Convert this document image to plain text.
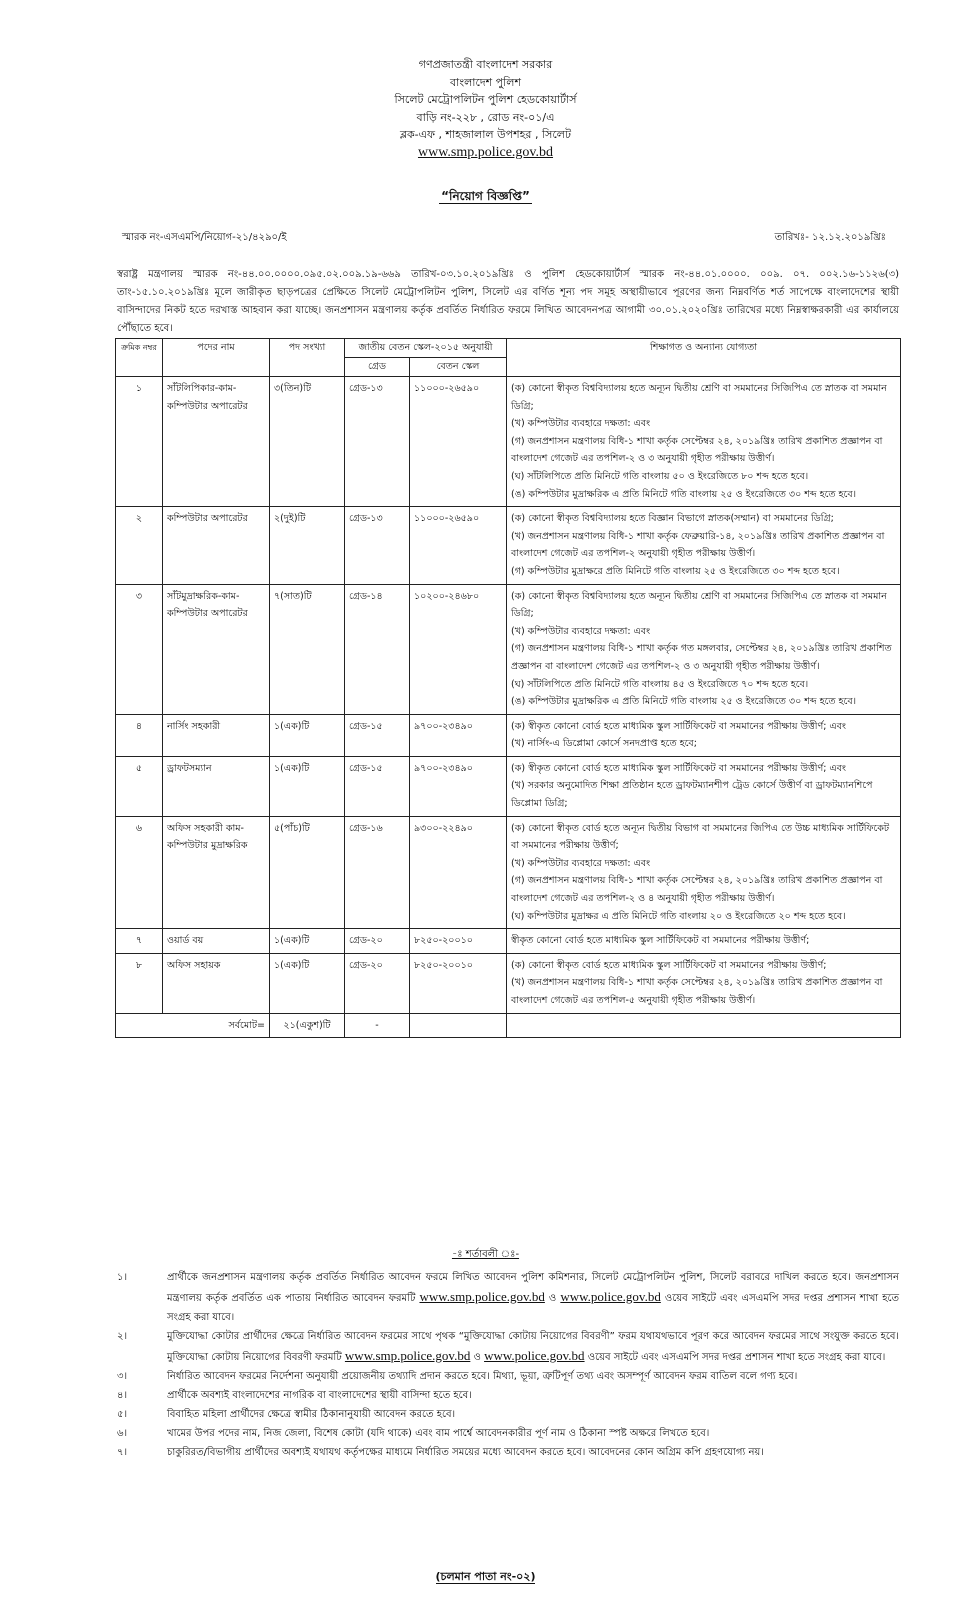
গণপ্রজাতন্ত্রী বাংলাদেশ সরকার
বাংলাদেশ পুলিশ
সিলেট মেট্রোপলিটন পুলিশ হেডকোয়ার্টার্স
বাড়ি নং-২২৮ , রোড নং-০১/এ
ব্লক-এফ , শাহজালাল উপশহর , সিলেট
www.smp.police.gov.bd
“নিয়োগ বিজ্ঞপ্তি”
স্মারক নং-এসএমপি/নিয়োগ-২১/৪২৯০/ই	তারিখঃ- ১২.১২.২০১৯খ্রিঃ
স্বরাষ্ট্র মন্ত্রণালয় স্মারক নং-৪৪.০০.০০০০.০৯৫.০২.০০৯.১৯-৬৬৯ তারিখ-০৩.১০.২০১৯খ্রিঃ ও পুলিশ হেডকোয়ার্টার্স স্মারক নং-৪৪.০১.০০০০. ০০৯. ০৭. ০০২.১৬-১১২৬(৩) তাং-১৫.১০.২০১৯খ্রিঃ মূলে জারীকৃত ছাড়পত্রের প্রেক্ষিতে সিলেট মেট্রোপলিটন পুলিশ, সিলেট এর বর্ণিত শূন্য পদ সমূহ অস্থায়ীভাবে পূরণের জন্য নিম্নবর্ণিত শর্ত সাপেক্ষে বাংলাদেশের স্থায়ী বাসিন্দাদের নিকট হতে দরখাস্ত আহবান করা যাচ্ছে। জনপ্রশাসন মন্ত্রণালয় কর্তৃক প্রবর্তিত নির্ধারিত ফরমে লিখিত আবেদনপত্র আগামী ৩০.০১.২০২০খ্রিঃ তারিখের মধ্যে নিম্নস্বাক্ষরকারী এর কার্যালয়ে পৌঁছাতে হবে।
ক্রমিক নম্বর	পদের নাম	পদ সংখ্যা	জাতীয় বেতন স্কেল-২০১৫ অনুযায়ী		শিক্ষাগত ও অন্যান্য যোগ্যতা
			গ্রেড	বেতন স্কেল	
১	সাঁটলিপিকার-কাম-কম্পিউটার অপারেটর	৩(তিন)টি	গ্রেড-১৩	১১০০০-২৬৫৯০	(ক) কোনো স্বীকৃত বিশ্ববিদ্যালয় হতে অন্যূন দ্বিতীয় শ্রেণি বা সমমানের সিজিপিএ তে স্নাতক বা সমমান ডিগ্রি;
(খ) কম্পিউটার ব্যবহারে দক্ষতা: এবং
(গ) জনপ্রশাসন মন্ত্রণালয় বিধি-১ শাখা কর্তৃক সেপ্টেম্বর ২৪, ২০১৯খ্রিঃ তারিখ প্রকাশিত প্রজ্ঞাপন বা বাংলাদেশ গেজেট এর তপশিল-২ ও ৩ অনুযায়ী গৃহীত পরীক্ষায় উত্তীর্ণ।
(ঘ) সাঁটলিপিতে প্রতি মিনিটে গতি বাংলায় ৫০ ও ইংরেজিতে ৮০ শব্দ হতে হবে।
(ঙ) কম্পিউটার মুদ্রাক্ষরিক এ প্রতি মিনিটে গতি বাংলায় ২৫ ও ইংরেজিতে ৩০ শব্দ হতে হবে।

২	কম্পিউটার অপারেটর	২(দুই)টি	গ্রেড-১৩	১১০০০-২৬৫৯০	(ক) কোনো স্বীকৃত বিশ্ববিদ্যালয় হতে বিজ্ঞান বিভাগে স্নাতক(সম্মান) বা সমমানের ডিগ্রি;
(খ) জনপ্রশাসন মন্ত্রণালয় বিধি-১ শাখা কর্তৃক ফেব্রুয়ারি-১৪, ২০১৯খ্রিঃ তারিখ প্রকাশিত প্রজ্ঞাপন বা বাংলাদেশ গেজেট এর তপশিল-২ অনুযায়ী গৃহীত পরীক্ষায় উত্তীর্ণ।
(গ) কম্পিউটার মুদ্রাক্ষরে প্রতি মিনিটে গতি বাংলায় ২৫ ও ইংরেজিতে ৩০ শব্দ হতে হবে।

৩	সাঁটমুদ্রাক্ষরিক-কাম-কম্পিউটার অপারেটর	৭(সাত)টি	গ্রেড-১৪	১০২০০-২৪৬৮০	(ক) কোনো স্বীকৃত বিশ্ববিদ্যালয় হতে অন্যূন দ্বিতীয় শ্রেণি বা সমমানের সিজিপিএ তে স্নাতক বা সমমান ডিগ্রি;
(খ) কম্পিউটার ব্যবহারে দক্ষতা: এবং
(গ) জনপ্রশাসন মন্ত্রণালয় বিধি-১ শাখা কর্তৃক গত মঙ্গলবার, সেপ্টেম্বর ২৪, ২০১৯খ্রিঃ তারিখ প্রকাশিত প্রজ্ঞাপন বা বাংলাদেশ গেজেট এর তপশিল-২ ও ৩ অনুযায়ী গৃহীত পরীক্ষায় উত্তীর্ণ।
(ঘ) সাঁটলিপিতে প্রতি মিনিটে গতি বাংলায় ৪৫ ও ইংরেজিতে ৭০ শব্দ হতে হবে।
(ঙ) কম্পিউটার মুদ্রাক্ষরিক এ প্রতি মিনিটে গতি বাংলায় ২৫ ও ইংরেজিতে ৩০ শব্দ হতে হবে।

৪	নার্সিং সহকারী	১(এক)টি	গ্রেড-১৫	৯৭০০-২৩৪৯০	(ক) স্বীকৃত কোনো বোর্ড হতে মাধ্যমিক স্কুল সার্টিফিকেট বা সমমানের পরীক্ষায় উত্তীর্ণ; এবং
(খ) নার্সিং-এ ডিপ্লোমা কোর্সে সনদপ্রাপ্ত হতে হবে;

৫	ড্রাফটসম্যান	১(এক)টি	গ্রেড-১৫	৯৭০০-২৩৪৯০	(ক) স্বীকৃত কোনো বোর্ড হতে মাধ্যমিক স্কুল সার্টিফিকেট বা সমমানের পরীক্ষায় উত্তীর্ণ; এবং
(খ) সরকার অনুমোদিত শিক্ষা প্রতিষ্ঠান হতে ড্রাফটম্যানশীপ ট্রেড কোর্সে উত্তীর্ণ বা ড্রাফটম্যানশিপে ডিপ্লোমা ডিগ্রি;

৬	অফিস সহকারী কাম-কম্পিউটার মুদ্রাক্ষরিক	৫(পাঁচ)টি	গ্রেড-১৬	৯৩০০-২২৪৯০	(ক) কোনো স্বীকৃত বোর্ড হতে অন্যূন দ্বিতীয় বিভাগ বা সমমানের জিপিএ তে উচ্চ মাধ্যমিক সার্টিফিকেট বা সমমানের পরীক্ষায় উত্তীর্ণ;
(খ) কম্পিউটার ব্যবহারে দক্ষতা: এবং
(গ) জনপ্রশাসন মন্ত্রণালয় বিধি-১ শাখা কর্তৃক সেপ্টেম্বর ২৪, ২০১৯খ্রিঃ তারিখ প্রকাশিত প্রজ্ঞাপন বা বাংলাদেশ গেজেট এর তপশিল-২ ও ৪ অনুযায়ী গৃহীত পরীক্ষায় উত্তীর্ণ।
(ঘ) কম্পিউটার মুদ্রাক্ষর এ প্রতি মিনিটে গতি বাংলায় ২০ ও ইংরেজিতে ২০ শব্দ হতে হবে।

৭	ওয়ার্ড বয়	১(এক)টি	গ্রেড-২০	৮২৫০-২০০১০	স্বীকৃত কোনো বোর্ড হতে মাধ্যমিক স্কুল সার্টিফিকেট বা সমমানের পরীক্ষায় উত্তীর্ণ;

৮	অফিস সহায়ক	১(এক)টি	গ্রেড-২০	৮২৫০-২০০১০	(ক) কোনো স্বীকৃত বোর্ড হতে মাধ্যমিক স্কুল সার্টিফিকেট বা সমমানের পরীক্ষায় উত্তীর্ণ;
(খ) জনপ্রশাসন মন্ত্রণালয় বিধি-১ শাখা কর্তৃক সেপ্টেম্বর ২৪, ২০১৯খ্রিঃ তারিখ প্রকাশিত প্রজ্ঞাপন বা বাংলাদেশ গেজেট এর তপশিল-৫ অনুযায়ী গৃহীত পরীক্ষায় উত্তীর্ণ।

সর্বমোট=		২১(একুশ)টি	-		
-ঃ শর্তাবলী ঃ-
১।	প্রার্থীকে জনপ্রশাসন মন্ত্রণালয় কর্তৃক প্রবর্তিত নির্ধারিত আবেদন ফরমে লিখিত আবেদন পুলিশ কমিশনার, সিলেট মেট্রোপলিটন পুলিশ, সিলেট বরাবরে দাখিল করতে হবে। জনপ্রশাসন মন্ত্রণালয় কর্তৃক প্রবর্তিত এক পাতায় নির্ধারিত আবেদন ফরমটি www.smp.police.gov.bd ও www.police.gov.bd ওয়েব সাইটে এবং এসএমপি সদর দপ্তর প্রশাসন শাখা হতে সংগ্রহ করা যাবে।
২।	মুক্তিযোদ্ধা কোটার প্রার্থীদের ক্ষেত্রে নির্ধারিত আবেদন ফরমের সাথে পৃথক “মুক্তিযোদ্ধা কোটায় নিয়োগের বিবরণী” ফরম যথাযথভাবে পূরণ করে আবেদন ফরমের সাথে সংযুক্ত করতে হবে। মুক্তিযোদ্ধা কোটায় নিয়োগের বিবরণী ফরমটি www.smp.police.gov.bd ও www.police.gov.bd ওয়েব সাইটে এবং এসএমপি সদর দপ্তর প্রশাসন শাখা হতে সংগ্রহ করা যাবে।
৩।	নির্ধারিত আবেদন ফরমের নির্দেশনা অনুযায়ী প্রয়োজনীয় তথ্যাদি প্রদান করতে হবে। মিথ্যা, ভূয়া, ত্রুটিপূর্ণ তথ্য এবং অসম্পূর্ণ আবেদন ফরম বাতিল বলে গণ্য হবে।
৪।	প্রার্থীকে অবশ্যই বাংলাদেশের নাগরিক বা বাংলাদেশের স্থায়ী বাসিন্দা হতে হবে।
৫।	বিবাহিত মহিলা প্রার্থীদের ক্ষেত্রে স্বামীর ঠিকানানুযায়ী আবেদন করতে হবে।
৬।	খামের উপর পদের নাম, নিজ জেলা, বিশেষ কোটা (যদি থাকে) এবং বাম পার্শ্বে আবেদনকারীর পূর্ণ নাম ও ঠিকানা স্পষ্ট অক্ষরে লিখতে হবে।
৭।	চাকুরিরত/বিভাগীয় প্রার্থীদের অবশ্যই যথাযথ কর্তৃপক্ষের মাধ্যমে নির্ধারিত সময়ের মধ্যে আবেদন করতে হবে। আবেদনের কোন অগ্রিম কপি গ্রহণযোগ্য নয়।
(চলমান পাতা নং-০২)
